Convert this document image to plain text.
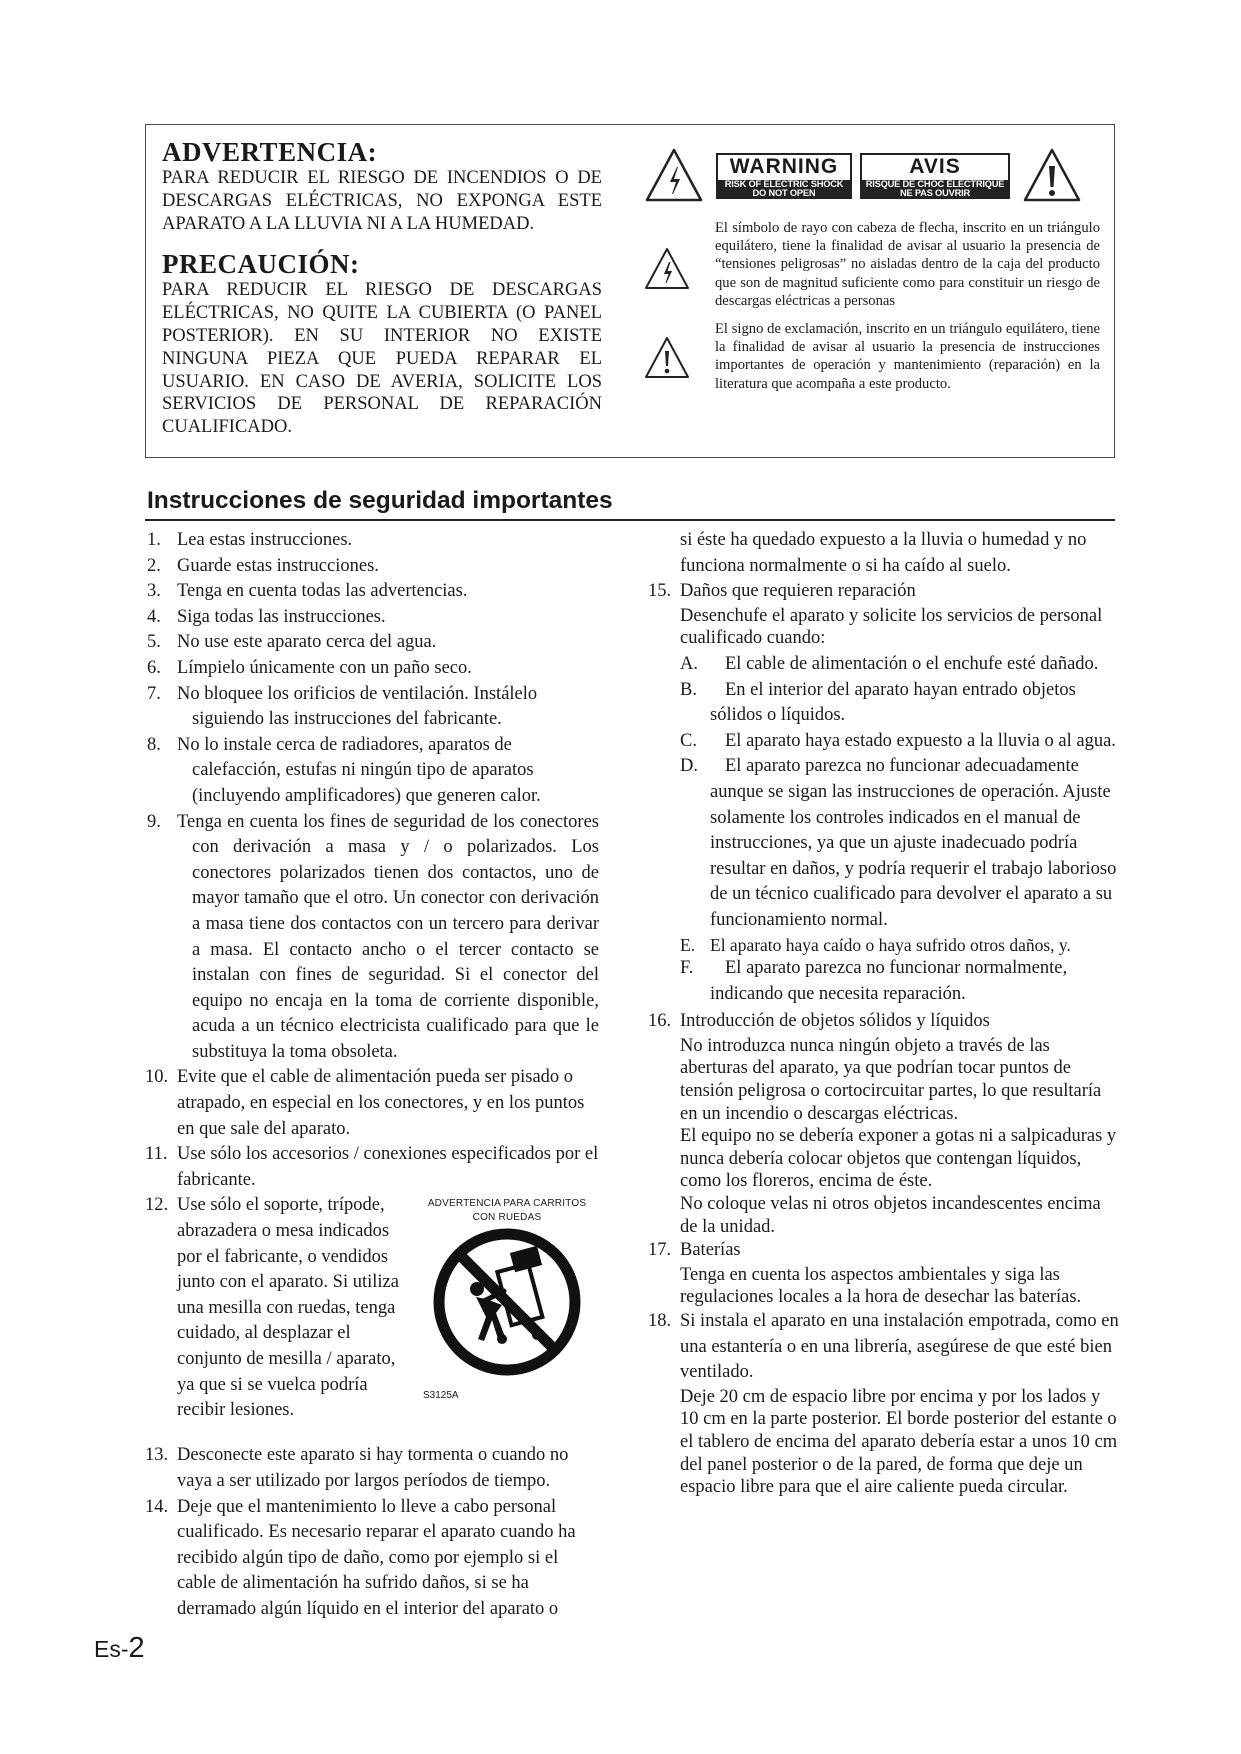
ADVERTENCIA:
PARA REDUCIR EL RIESGO DE INCENDIOS O DE DESCARGAS ELÉCTRICAS, NO EXPONGA ESTE APARATO A LA LLUVIA NI A LA HUMEDAD.
PRECAUCIÓN:
PARA REDUCIR EL RIESGO DE DESCARGAS ELÉCTRICAS, NO QUITE LA CUBIERTA (O PANEL POSTERIOR). EN SU INTERIOR NO EXISTE NINGUNA PIEZA QUE PUEDA REPARAR EL USUARIO. EN CASO DE AVERIA, SOLICITE LOS SERVICIOS DE PERSONAL DE REPARACIÓN CUALIFICADO.
WARNING
RISK OF ELECTRIC SHOCK
DO NOT OPEN
AVIS
RISQUE DE CHOC ELECTRIQUE
NE PAS OUVRIR
El símbolo de rayo con cabeza de flecha, inscrito en un triángulo equilátero, tiene la finalidad de avisar al usuario la presencia de “tensiones peligrosas” no aisladas dentro de la caja del producto que son de magnitud suficiente como para constituir un riesgo de descargas eléctricas a personas
El signo de exclamación, inscrito en un triángulo equilátero, tiene la finalidad de avisar al usuario la presencia de instrucciones importantes de operación y mantenimiento (reparación) en la literatura que acompaña a este producto.
Instrucciones de seguridad importantes
1. Lea estas instrucciones.
2. Guarde estas instrucciones.
3. Tenga en cuenta todas las advertencias.
4. Siga todas las instrucciones.
5. No use este aparato cerca del agua.
6. Límpielo únicamente con un paño seco.
7. No bloquee los orificios de ventilación. Instálelo siguiendo las instrucciones del fabricante.
8. No lo instale cerca de radiadores, aparatos de calefacción, estufas ni ningún tipo de aparatos (incluyendo amplificadores) que generen calor.
9. Tenga en cuenta los fines de seguridad de los conectores con derivación a masa y / o polarizados. Los conectores polarizados tienen dos contactos, uno de mayor tamaño que el otro. Un conector con derivación a masa tiene dos contactos con un tercero para derivar a masa. El contacto ancho o el tercer contacto se instalan con fines de seguridad. Si el conector del equipo no encaja en la toma de corriente disponible, acuda a un técnico electricista cualificado para que le substituya la toma obsoleta.
10. Evite que el cable de alimentación pueda ser pisado o atrapado, en especial en los conectores, y en los puntos en que sale del aparato.
11. Use sólo los accesorios / conexiones especificados por el fabricante.
12. Use sólo el soporte, trípode, abrazadera o mesa indicados por el fabricante, o vendidos junto con el aparato. Si utiliza una mesilla con ruedas, tenga cuidado, al desplazar el conjunto de mesilla / aparato, ya que si se vuelca podría recibir lesiones.
ADVERTENCIA PARA CARRITOS CON RUEDAS
S3125A
13. Desconecte este aparato si hay tormenta o cuando no vaya a ser utilizado por largos períodos de tiempo.
14. Deje que el mantenimiento lo lleve a cabo personal cualificado. Es necesario reparar el aparato cuando ha recibido algún tipo de daño, como por ejemplo si el cable de alimentación ha sufrido daños, si se ha derramado algún líquido en el interior del aparato o
si éste ha quedado expuesto a la lluvia o humedad y no funciona normalmente o si ha caído al suelo.
15. Daños que requieren reparación
Desenchufe el aparato y solicite los servicios de personal cualificado cuando:
A. El cable de alimentación o el enchufe esté dañado.
B. En el interior del aparato hayan entrado objetos sólidos o líquidos.
C. El aparato haya estado expuesto a la lluvia o al agua.
D. El aparato parezca no funcionar adecuadamente aunque se sigan las instrucciones de operación. Ajuste solamente los controles indicados en el manual de instrucciones, ya que un ajuste inadecuado podría resultar en daños, y podría requerir el trabajo laborioso de un técnico cualificado para devolver el aparato a su funcionamiento normal.
E. El aparato haya caído o haya sufrido otros daños, y.
F. El aparato parezca no funcionar normalmente, indicando que necesita reparación.
16. Introducción de objetos sólidos y líquidos
No introduzca nunca ningún objeto a través de las aberturas del aparato, ya que podrían tocar puntos de tensión peligrosa o cortocircuitar partes, lo que resultaría en un incendio o descargas eléctricas.
El equipo no se debería exponer a gotas ni a salpicaduras y nunca debería colocar objetos que contengan líquidos, como los floreros, encima de éste.
No coloque velas ni otros objetos incandescentes encima de la unidad.
17. Baterías
Tenga en cuenta los aspectos ambientales y siga las regulaciones locales a la hora de desechar las baterías.
18. Si instala el aparato en una instalación empotrada, como en una estantería o en una librería, asegúrese de que esté bien ventilado.
Deje 20 cm de espacio libre por encima y por los lados y 10 cm en la parte posterior. El borde posterior del estante o el tablero de encima del aparato debería estar a unos 10 cm del panel posterior o de la pared, de forma que deje un espacio libre para que el aire caliente pueda circular.
Es-2
